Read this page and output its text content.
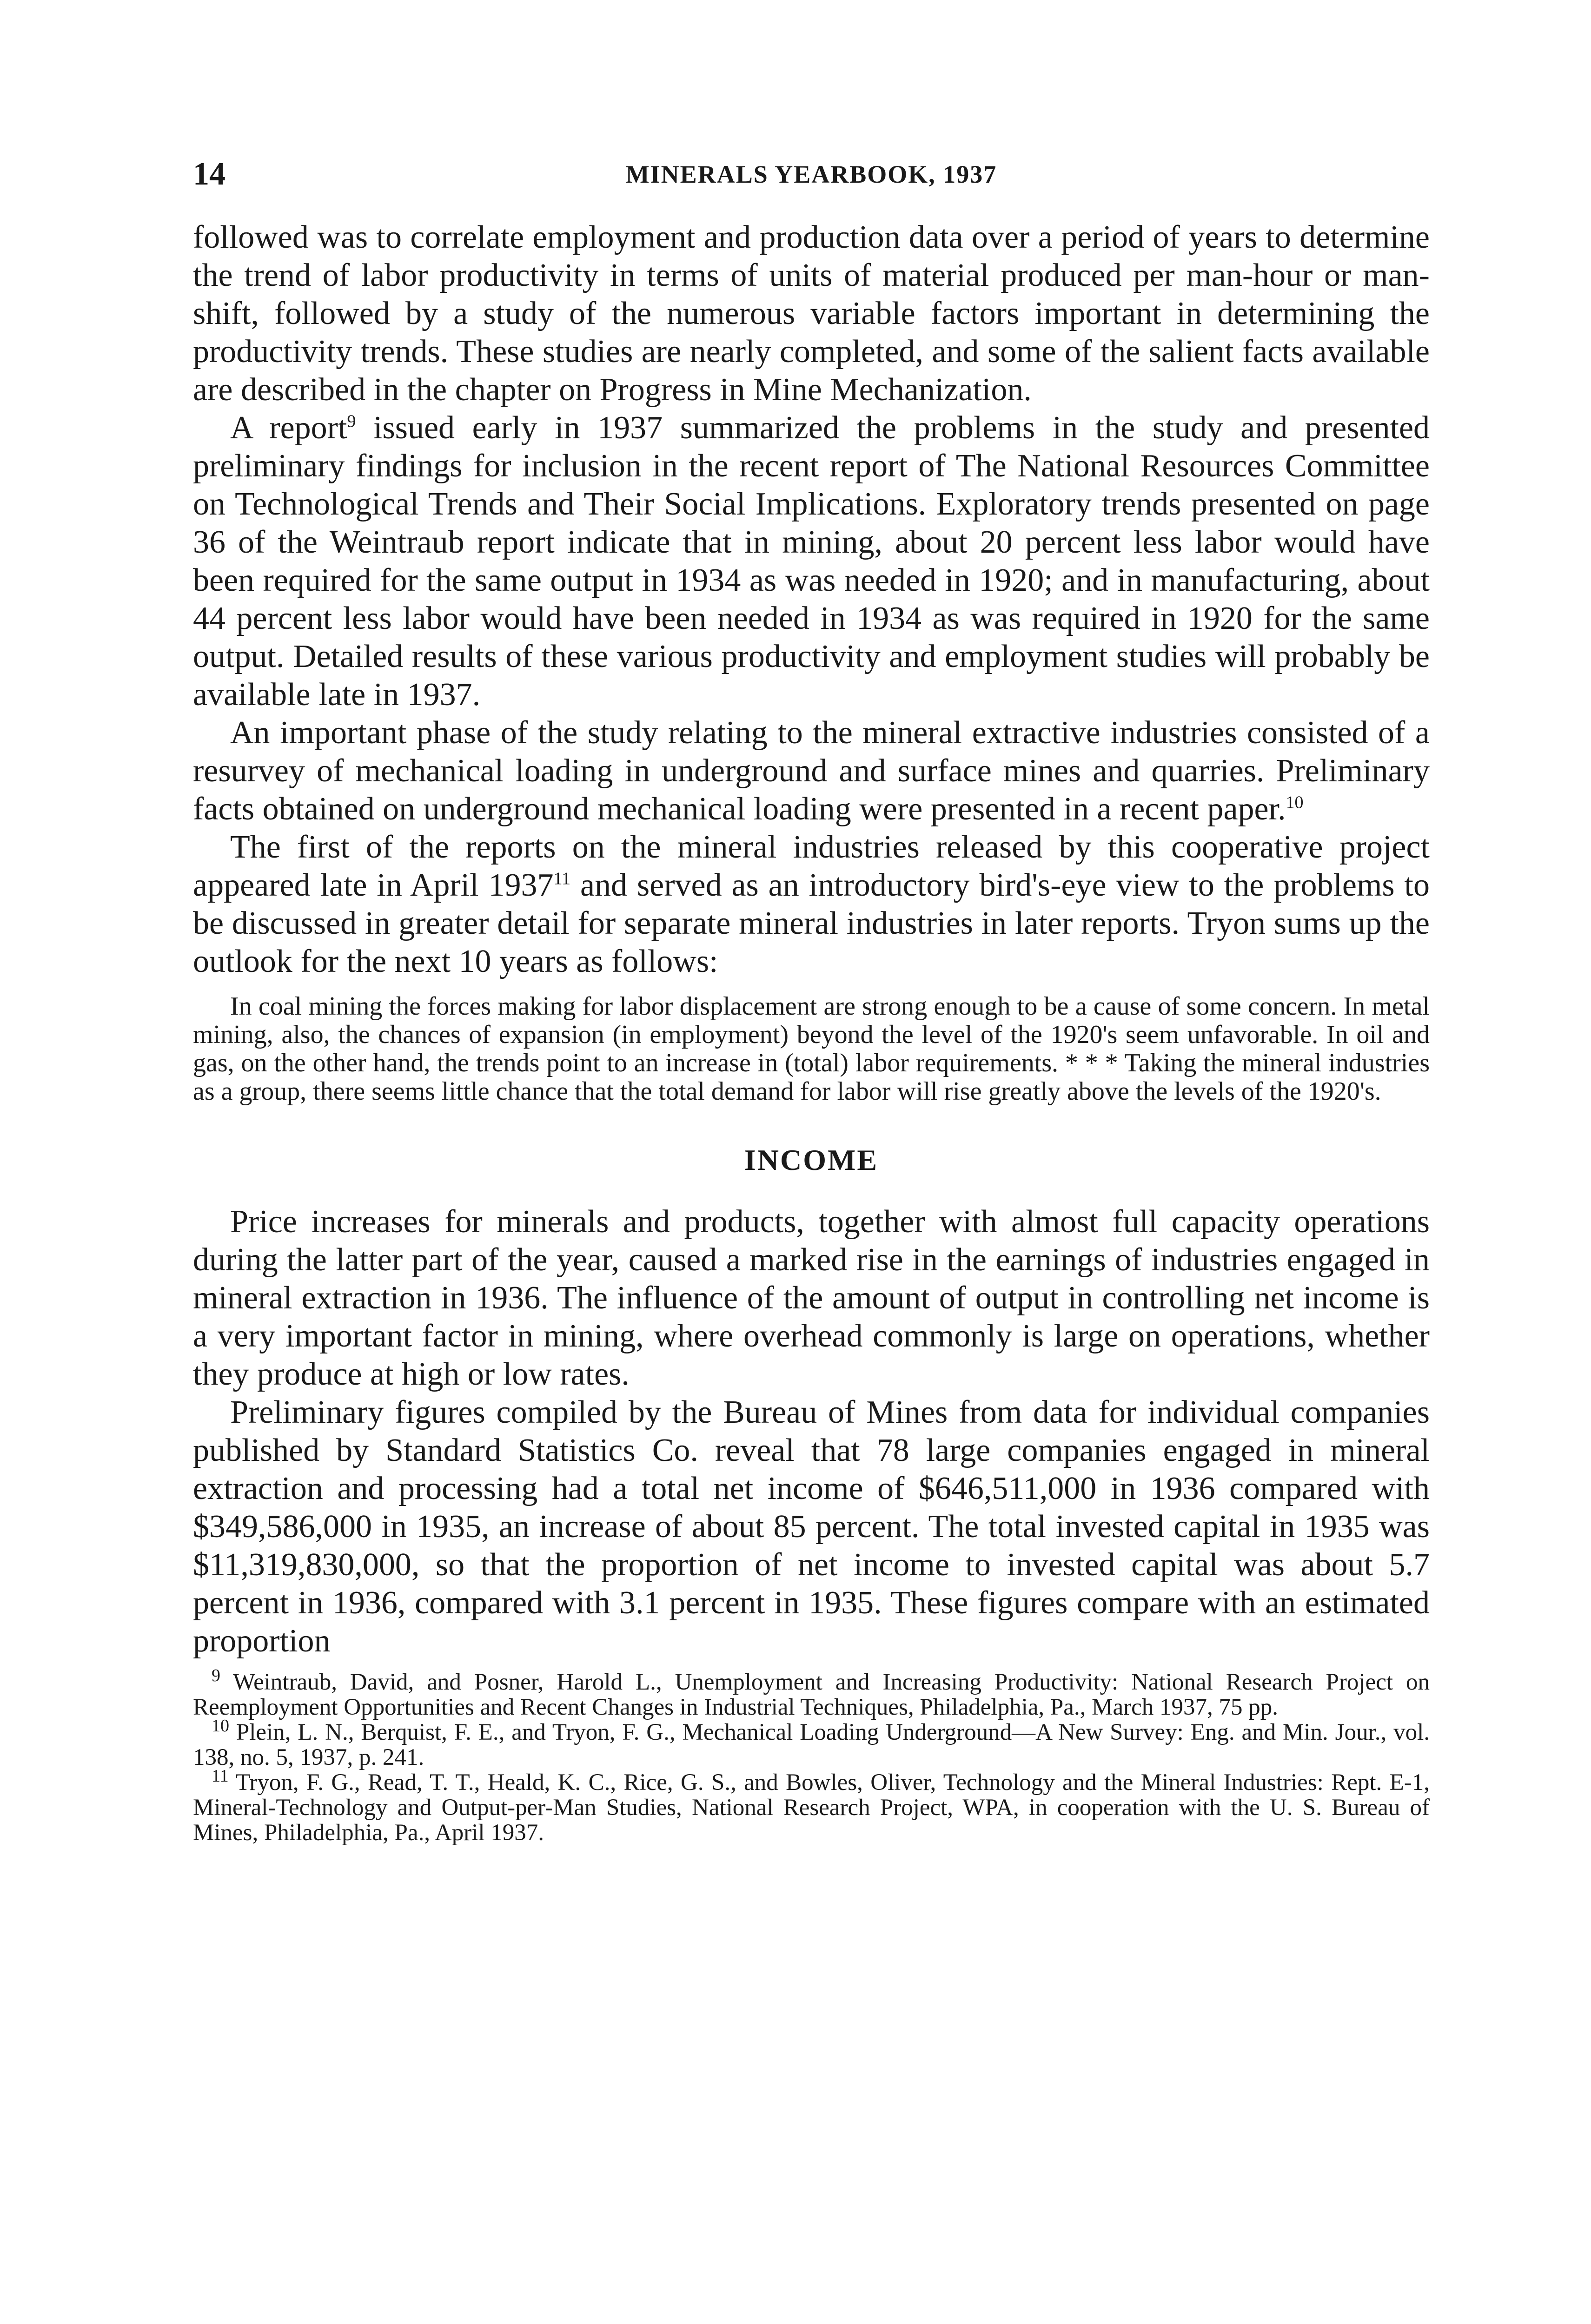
14	MINERALS YEARBOOK, 1937

followed was to correlate employment and production data over a period of years to determine the trend of labor productivity in terms of units of material produced per man-hour or man-shift, followed by a study of the numerous variable factors important in determining the productivity trends. These studies are nearly completed, and some of the salient facts available are described in the chapter on Progress in Mine Mechanization.

A report$^9$ issued early in 1937 summarized the problems in the study and presented preliminary findings for inclusion in the recent report of The National Resources Committee on Technological Trends and Their Social Implications. Exploratory trends presented on page 36 of the Weintraub report indicate that in mining, about 20 percent less labor would have been required for the same output in 1934 as was needed in 1920; and in manufacturing, about 44 percent less labor would have been needed in 1934 as was required in 1920 for the same output. Detailed results of these various productivity and employment studies will probably be available late in 1937.

An important phase of the study relating to the mineral extractive industries consisted of a resurvey of mechanical loading in underground and surface mines and quarries. Preliminary facts obtained on underground mechanical loading were presented in a recent paper.$^{10}$

The first of the reports on the mineral industries released by this cooperative project appeared late in April 1937$^{11}$ and served as an introductory bird's-eye view to the problems to be discussed in greater detail for separate mineral industries in later reports. Tryon sums up the outlook for the next 10 years as follows:

In coal mining the forces making for labor displacement are strong enough to be a cause of some concern. In metal mining, also, the chances of expansion (in employment) beyond the level of the 1920's seem unfavorable. In oil and gas, on the other hand, the trends point to an increase in (total) labor requirements. * * * Taking the mineral industries as a group, there seems little chance that the total demand for labor will rise greatly above the levels of the 1920's.
INCOME

Price increases for minerals and products, together with almost full capacity operations during the latter part of the year, caused a marked rise in the earnings of industries engaged in mineral extraction in 1936. The influence of the amount of output in controlling net income is a very important factor in mining, where overhead commonly is large on operations, whether they produce at high or low rates.

Preliminary figures compiled by the Bureau of Mines from data for individual companies published by Standard Statistics Co. reveal that 78 large companies engaged in mineral extraction and processing had a total net income of $646,511,000 in 1936 compared with $349,586,000 in 1935, an increase of about 85 percent. The total invested capital in 1935 was $11,319,830,000, so that the proportion of net income to invested capital was about 5.7 percent in 1936, compared with 3.1 percent in 1935. These figures compare with an estimated proportion

$^9$ Weintraub, David, and Posner, Harold L., Unemployment and Increasing Productivity: National Research Project on Reemployment Opportunities and Recent Changes in Industrial Techniques, Philadelphia, Pa., March 1937, 75 pp.

$^{10}$ Plein, L. N., Berquist, F. E., and Tryon, F. G., Mechanical Loading Underground—A New Survey: Eng. and Min. Jour., vol. 138, no. 5, 1937, p. 241.

$^{11}$ Tryon, F. G., Read, T. T., Heald, K. C., Rice, G. S., and Bowles, Oliver, Technology and the Mineral Industries: Rept. E-1, Mineral-Technology and Output-per-Man Studies, National Research Project, WPA, in cooperation with the U. S. Bureau of Mines, Philadelphia, Pa., April 1937.
